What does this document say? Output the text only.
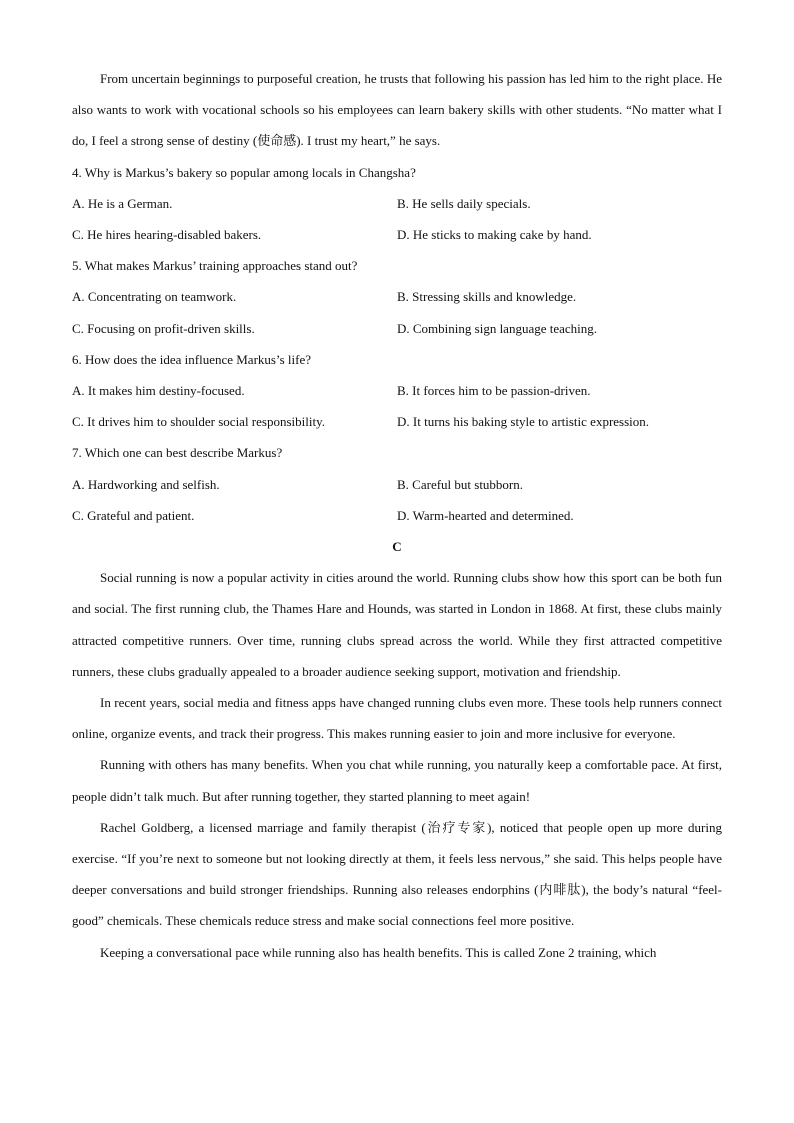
From uncertain beginnings to purposeful creation, he trusts that following his passion has led him to the right place. He also wants to work with vocational schools so his employees can learn bakery skills with other students. “No matter what I do, I feel a strong sense of destiny (使命感). I trust my heart,” he says.

4. Why is Markus’s bakery so popular among locals in Changsha?
A. He is a German.	B. He sells daily specials.
C. He hires hearing-disabled bakers.	D. He sticks to making cake by hand.
5. What makes Markus’ training approaches stand out?
A. Concentrating on teamwork.	B. Stressing skills and knowledge.
C. Focusing on profit-driven skills.	D. Combining sign language teaching.
6. How does the idea influence Markus’s life?
A. It makes him destiny-focused.	B. It forces him to be passion-driven.
C. It drives him to shoulder social responsibility.	D. It turns his baking style to artistic expression.
7. Which one can best describe Markus?
A. Hardworking and selfish.	B. Careful but stubborn.
C. Grateful and patient.	D. Warm-hearted and determined.
C

Social running is now a popular activity in cities around the world. Running clubs show how this sport can be both fun and social. The first running club, the Thames Hare and Hounds, was started in London in 1868. At first, these clubs mainly attracted competitive runners. Over time, running clubs spread across the world. While they first attracted competitive runners, these clubs gradually appealed to a broader audience seeking support, motivation and friendship.

In recent years, social media and fitness apps have changed running clubs even more. These tools help runners connect online, organize events, and track their progress. This makes running easier to join and more inclusive for everyone.

Running with others has many benefits. When you chat while running, you naturally keep a comfortable pace. At first, people didn’t talk much. But after running together, they started planning to meet again!

Rachel Goldberg, a licensed marriage and family therapist (治疗专家), noticed that people open up more during exercise. “If you’re next to someone but not looking directly at them, it feels less nervous,” she said. This helps people have deeper conversations and build stronger friendships. Running also releases endorphins (内啡肽), the body’s natural “feel-good” chemicals. These chemicals reduce stress and make social connections feel more positive.

Keeping a conversational pace while running also has health benefits. This is called Zone 2 training, which
